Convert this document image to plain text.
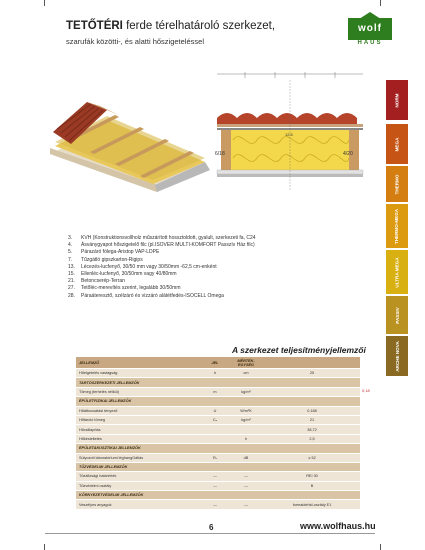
TETŐTÉRI ferde térelhatároló szerkezet,
szarufák közötti-, és alatti hőszigeteléssel
wolf
HAUS
6/18	4/20
12.5
3. KVH (Konstruktionsvollholz műszárított hossztoldott, gyalult, szerkezeti fa, C24
4. Ásványgyapot hőszigetelő filc (pl.ISOVER MULTI-KOMFORT Passzív Ház filc)
5. Párazáró fólega-Aristop VAP-LDPE
7. Tűzgátló gipszkarton-Rigips
13. Lécezés-lucfenyő, 30/50 mm vagy 30/50mm -62,5 cm-enként
15. Ellenléc-lucfenyő, 30/50mm vagy 40/80mm
21. Betoncserép-Terran
27. Tetőléc-merevítés szerint, legalább 30/50mm
28. Páraáteresztő, szélzáró és vízzáró alátétfedés-ISOCELL Omega
NORM
MEGA
THERMO
THERMO-MEGA
ULTRA MEGA
PASSIV
ARCHE NOVA
A szerkezet teljesítményjellemzői
JELLEMZŐ	JEL	MÉRTÉK-EGYSÉG	
Hőelgetelés vastagság	h	cm	25
TARTÓSZERKEZETI JELLEMZŐK			
Tömeg (terhelés nélkül)	m	kg/m²	
ÉPÜLETFIZIKAI JELLEMZŐK			
Hőátbocsátási tényező	U	W/m²K	0,188
Hőtároló tömeg	Cₐ	kg/m²	21
Hőcsillapítás			38,72
Hőkésleltetés		h	2,5
ÉPÜLETAKUSZTIKAI JELLEMZŐK			
Súlyozott laboratóriumi léghangGátlás	Rᵥ	dB	≥ 52
TŰZVÉDELMI JELLEMZŐK			
Tűzállósági határérték	—	—	REI 30
Tűzvédelmi osztály	—	—	B
KÖRNYEZETVÉDELMI JELLEMZŐK			
Veszélyes anyagok	—	—	formaldehid-osztály E1
0,18
6	www.wolfhaus.hu
